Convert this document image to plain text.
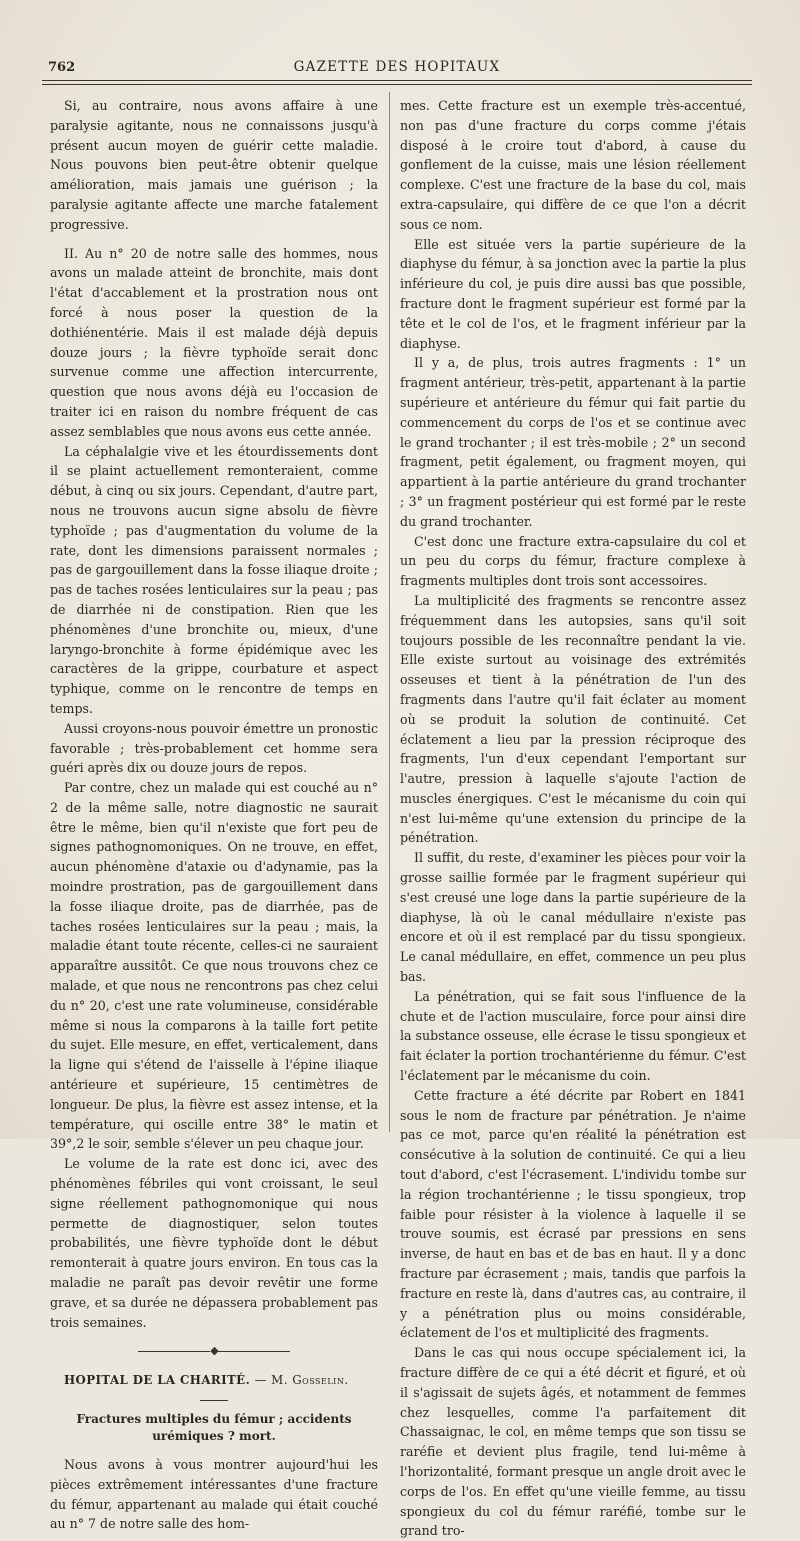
762	GAZETTE DES HOPITAUX

Si, au contraire, nous avons affaire à une paralysie agitante, nous ne connaissons jusqu'à présent aucun moyen de guérir cette maladie. Nous pouvons bien peut-être obtenir quelque amélioration, mais jamais une guérison ; la paralysie agitante affecte une marche fatalement progressive.

II. Au n° 20 de notre salle des hommes, nous avons un malade atteint de bronchite, mais dont l'état d'accablement et la prostration nous ont forcé à nous poser la question de la dothiénentérie. Mais il est malade déjà depuis douze jours ; la fièvre typhoïde serait donc survenue comme une affection intercurrente, question que nous avons déjà eu l'occasion de traiter ici en raison du nombre fréquent de cas assez semblables que nous avons eus cette année.

La céphalalgie vive et les étourdissements dont il se plaint actuellement remonteraient, comme début, à cinq ou six jours. Cependant, d'autre part, nous ne trouvons aucun signe absolu de fièvre typhoïde ; pas d'augmentation du volume de la rate, dont les dimensions paraissent normales ; pas de gargouillement dans la fosse iliaque droite ; pas de taches rosées lenticulaires sur la peau ; pas de diarrhée ni de constipation. Rien que les phénomènes d'une bronchite ou, mieux, d'une laryngo-bronchite à forme épidémique avec les caractères de la grippe, courbature et aspect typhique, comme on le rencontre de temps en temps.

Aussi croyons-nous pouvoir émettre un pronostic favorable ; très-probablement cet homme sera guéri après dix ou douze jours de repos.

Par contre, chez un malade qui est couché au n° 2 de la même salle, notre diagnostic ne saurait être le même, bien qu'il n'existe que fort peu de signes pathognomoniques. On ne trouve, en effet, aucun phénomène d'ataxie ou d'adynamie, pas la moindre prostration, pas de gargouillement dans la fosse iliaque droite, pas de diarrhée, pas de taches rosées lenticulaires sur la peau ; mais, la maladie étant toute récente, celles-ci ne sauraient apparaître aussitôt. Ce que nous trouvons chez ce malade, et que nous ne rencontrons pas chez celui du n° 20, c'est une rate volumineuse, considérable même si nous la comparons à la taille fort petite du sujet. Elle mesure, en effet, verticalement, dans la ligne qui s'étend de l'aisselle à l'épine iliaque antérieure et supérieure, 15 centimètres de longueur. De plus, la fièvre est assez intense, et la température, qui oscille entre 38° le matin et 39°,2 le soir, semble s'élever un peu chaque jour.

Le volume de la rate est donc ici, avec des phénomènes fébriles qui vont croissant, le seul signe réellement pathognomonique qui nous permette de diagnostiquer, selon toutes probabilités, une fièvre typhoïde dont le début remonterait à quatre jours environ. En tous cas la maladie ne paraît pas devoir revêtir une forme grave, et sa durée ne dépassera probablement pas trois semaines.

◆
HOPITAL DE LA CHARITÉ. — M. Gosselin.
Fractures multiples du fémur ; accidents urémiques ? mort.

Nous avons à vous montrer aujourd'hui les pièces extrêmement intéressantes d'une fracture du fémur, appartenant au malade qui était couché au n° 7 de notre salle des hom-

mes. Cette fracture est un exemple très-accentué, non pas d'une fracture du corps comme j'étais disposé à le croire tout d'abord, à cause du gonflement de la cuisse, mais une lésion réellement complexe. C'est une fracture de la base du col, mais extra-capsulaire, qui diffère de ce que l'on a décrit sous ce nom.

Elle est située vers la partie supérieure de la diaphyse du fémur, à sa jonction avec la partie la plus inférieure du col, je puis dire aussi bas que possible, fracture dont le fragment supérieur est formé par la tête et le col de l'os, et le fragment inférieur par la diaphyse.

Il y a, de plus, trois autres fragments : 1° un fragment antérieur, très-petit, appartenant à la partie supérieure et antérieure du fémur qui fait partie du commencement du corps de l'os et se continue avec le grand trochanter ; il est très-mobile ; 2° un second fragment, petit également, ou fragment moyen, qui appartient à la partie antérieure du grand trochanter ; 3° un fragment postérieur qui est formé par le reste du grand trochanter.

C'est donc une fracture extra-capsulaire du col et un peu du corps du fémur, fracture complexe à fragments multiples dont trois sont accessoires.

La multiplicité des fragments se rencontre assez fréquemment dans les autopsies, sans qu'il soit toujours possible de les reconnaître pendant la vie. Elle existe surtout au voisinage des extrémités osseuses et tient à la pénétration de l'un des fragments dans l'autre qu'il fait éclater au moment où se produit la solution de continuité. Cet éclatement a lieu par la pression réciproque des fragments, l'un d'eux cependant l'emportant sur l'autre, pression à laquelle s'ajoute l'action de muscles énergiques. C'est le mécanisme du coin qui n'est lui-même qu'une extension du principe de la pénétration.

Il suffit, du reste, d'examiner les pièces pour voir la grosse saillie formée par le fragment supérieur qui s'est creusé une loge dans la partie supérieure de la diaphyse, là où le canal médullaire n'existe pas encore et où il est remplacé par du tissu spongieux. Le canal médullaire, en effet, commence un peu plus bas.

La pénétration, qui se fait sous l'influence de la chute et de l'action musculaire, force pour ainsi dire la substance osseuse, elle écrase le tissu spongieux et fait éclater la portion trochantérienne du fémur. C'est l'éclatement par le mécanisme du coin.

Cette fracture a été décrite par Robert en 1841 sous le nom de fracture par pénétration. Je n'aime pas ce mot, parce qu'en réalité la pénétration est consécutive à la solution de continuité. Ce qui a lieu tout d'abord, c'est l'écrasement. L'individu tombe sur la région trochantérienne ; le tissu spongieux, trop faible pour résister à la violence à laquelle il se trouve soumis, est écrasé par pressions en sens inverse, de haut en bas et de bas en haut. Il y a donc fracture par écrasement ; mais, tandis que parfois la fracture en reste là, dans d'autres cas, au contraire, il y a pénétration plus ou moins considérable, éclatement de l'os et multiplicité des fragments.

Dans le cas qui nous occupe spécialement ici, la fracture diffère de ce qui a été décrit et figuré, et où il s'agissait de sujets âgés, et notamment de femmes chez lesquelles, comme l'a parfaitement dit Chassaignac, le col, en même temps que son tissu se raréfie et devient plus fragile, tend lui-même à l'horizontalité, formant presque un angle droit avec le corps de l'os. En effet qu'une vieille femme, au tissu spongieux du col du fémur raréfié, tombe sur le grand tro-
